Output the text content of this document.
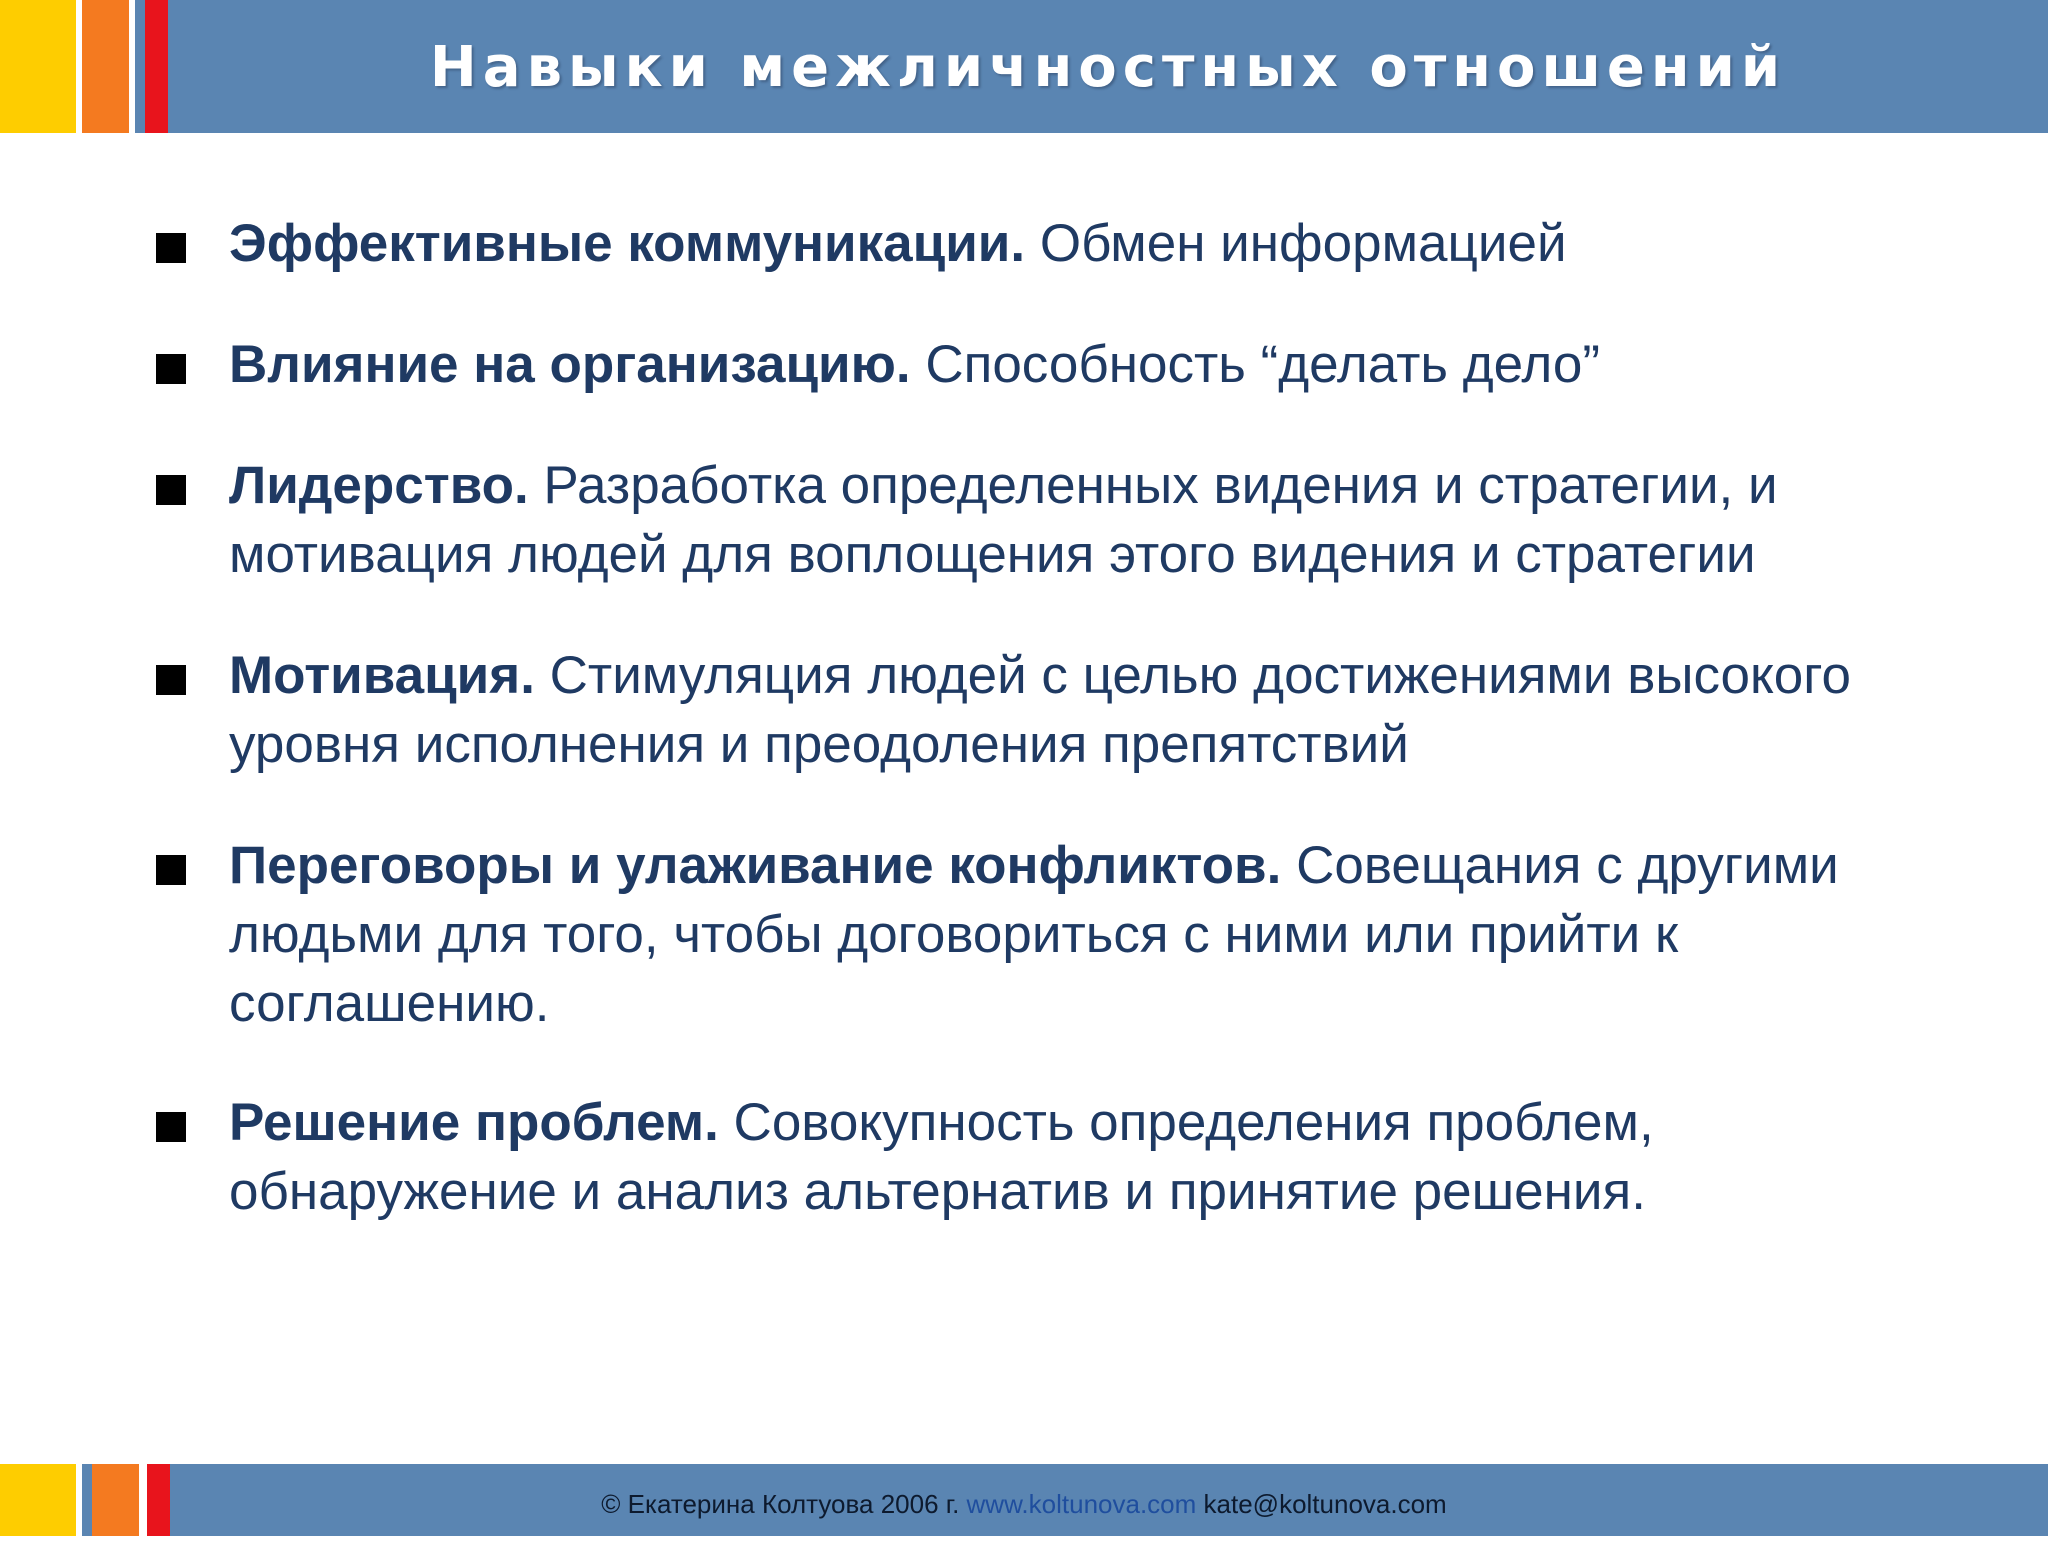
Навыки межличностных отношений

Эффективные коммуникации. Обмен информацией

Влияние на организацию. Способность “делать дело”

Лидерство. Разработка определенных видения и стратегии, и
мотивация людей для воплощения этого видения и стратегии

Мотивация. Стимуляция людей с целью достижениями высокого
уровня исполнения и преодоления препятствий

Переговоры и улаживание конфликтов. Совещания с другими
людьми для того, чтобы договориться с ними или прийти к
соглашению.

Решение проблем. Совокупность определения проблем,
обнаружение и анализ альтернатив и принятие решения.

© Екатерина Колтуова 2006 г. www.koltunova.com kate@koltunova.com
